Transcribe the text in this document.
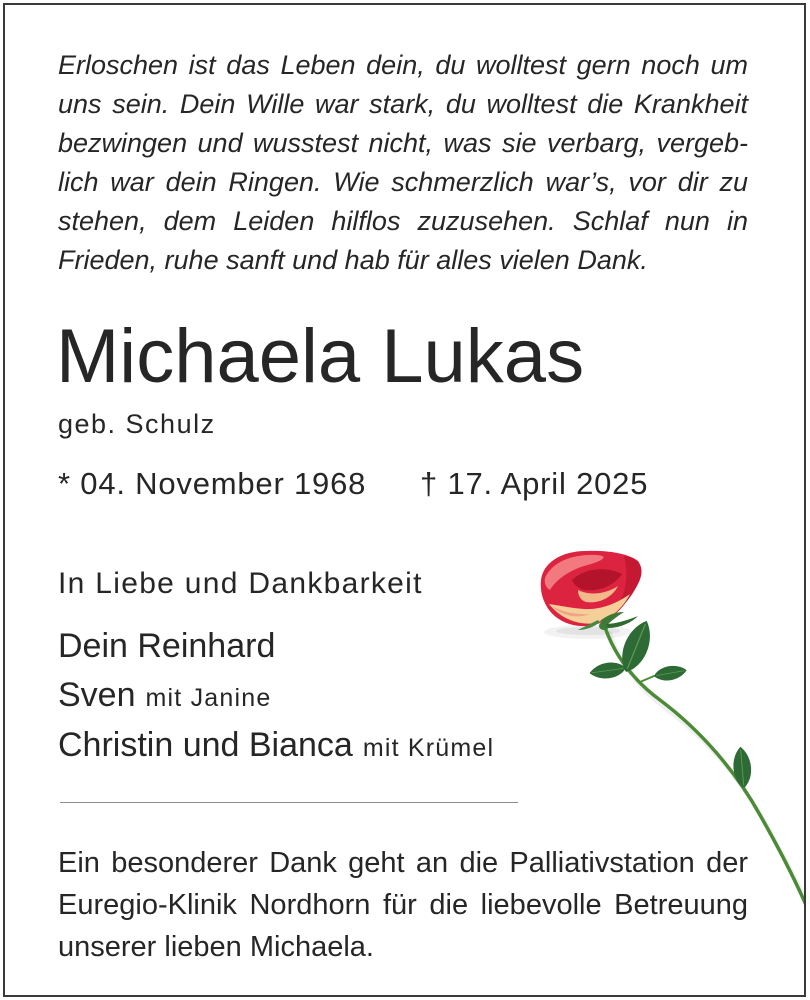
Erloschen ist das Leben dein, du wolltest gern noch um
uns sein. Dein Wille war stark, du wolltest die Krankheit
bezwingen und wusstest nicht, was sie verbarg, vergeb-
lich war dein Ringen. Wie schmerzlich war’s, vor dir zu
stehen, dem Leiden hilflos zuzusehen. Schlaf nun in
Frieden, ruhe sanft und hab für alles vielen Dank.
Michaela Lukas
geb. Schulz
* 04. November 1968 † 17. April 2025
In Liebe und Dankbarkeit
Dein Reinhard
Sven mit Janine
Christin und Bianca mit Krümel
Ein besonderer Dank geht an die Palliativstation der
Euregio-Klinik Nordhorn für die liebevolle Betreuung
unserer lieben Michaela.
